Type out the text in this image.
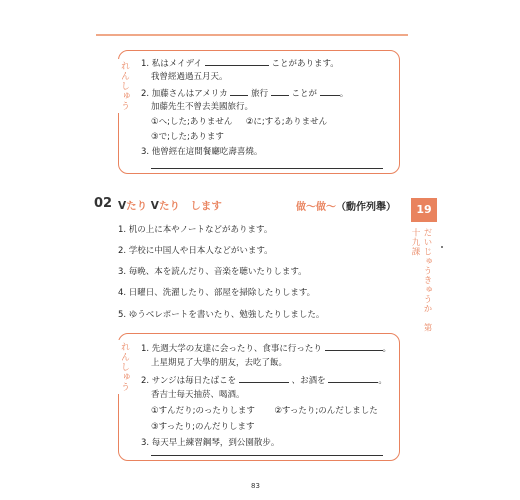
れんしゅう 1. 私はメイデイ	ことがあります。
我曾經過過五月天。
2. 加藤さんはアメリカ	旅行	ことが	。
加藤先生不曾去美國旅行。
①へ;した;ありません ②に;する;ありません
③で;した;あります
3. 他曾經在這間餐廳吃壽喜燒。
02 Vたり Vたり　します	做～做～（動作列舉）
1. 机の上に本やノートなどがあります。
2. 学校に中国人や日本人などがいます。
3. 毎晩、本を読んだり、音楽を聴いたりします。
4. 日曜日、洗濯したり、部屋を掃除したりします。
5. ゆうべレポートを書いたり、勉強したりしました。
れんしゅう 1. 先週大学の友達に会ったり、食事に行ったり	。
上星期見了大學的朋友，去吃了飯。
2. サンジは毎日たばこを	、お酒を	。
香吉士每天抽菸、喝酒。
①すんだり;のったりします ②すったり;のんだしました
③すったり;のんだりします
3. 每天早上練習鋼琴，到公園散步。
19
だいじゅうきゅうか　第十九課
83
